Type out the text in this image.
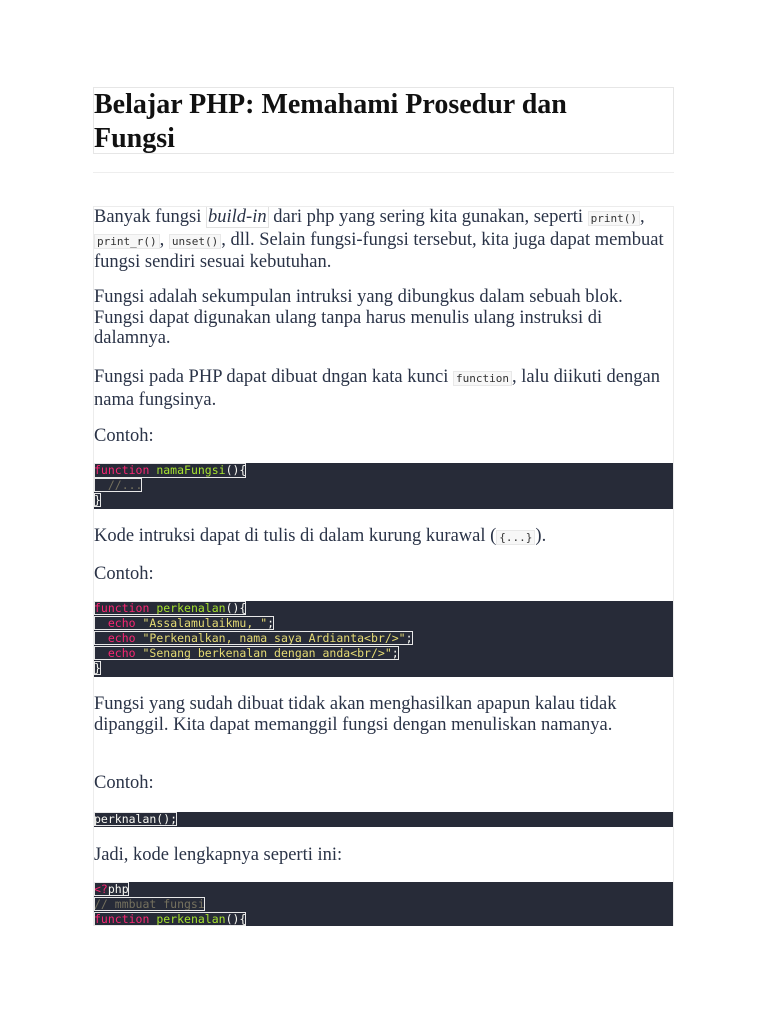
Belajar PHP: Memahami Prosedur dan Fungsi

Banyak fungsi build-in dari php yang sering kita gunakan, seperti print() , print_r() , unset() , dll. Selain fungsi-fungsi tersebut, kita juga dapat membuat fungsi sendiri sesuai kebutuhan.

Fungsi adalah sekumpulan intruksi yang dibungkus dalam sebuah blok. Fungsi dapat digunakan ulang tanpa harus menulis ulang instruksi di dalamnya.

Fungsi pada PHP dapat dibuat dngan kata kunci function , lalu diikuti dengan nama fungsinya.

Contoh:

function namaFungsi(){

//...
}

Kode intruksi dapat di tulis di dalam kurung kurawal ( {...} ).

Contoh:

function perkenalan(){
echo "Assalamulaikmu, ";
echo "Perkenalkan, nama saya Ardianta<br/>";
echo "Senang berkenalan dengan anda<br/>";
}

Fungsi yang sudah dibuat tidak akan menghasilkan apapun kalau tidak dipanggil. Kita dapat memanggil fungsi dengan menuliskan namanya.

Contoh:

perknalan();

Jadi, kode lengkapnya seperti ini:

<?php
// mmbuat fungsi
function perkenalan(){
